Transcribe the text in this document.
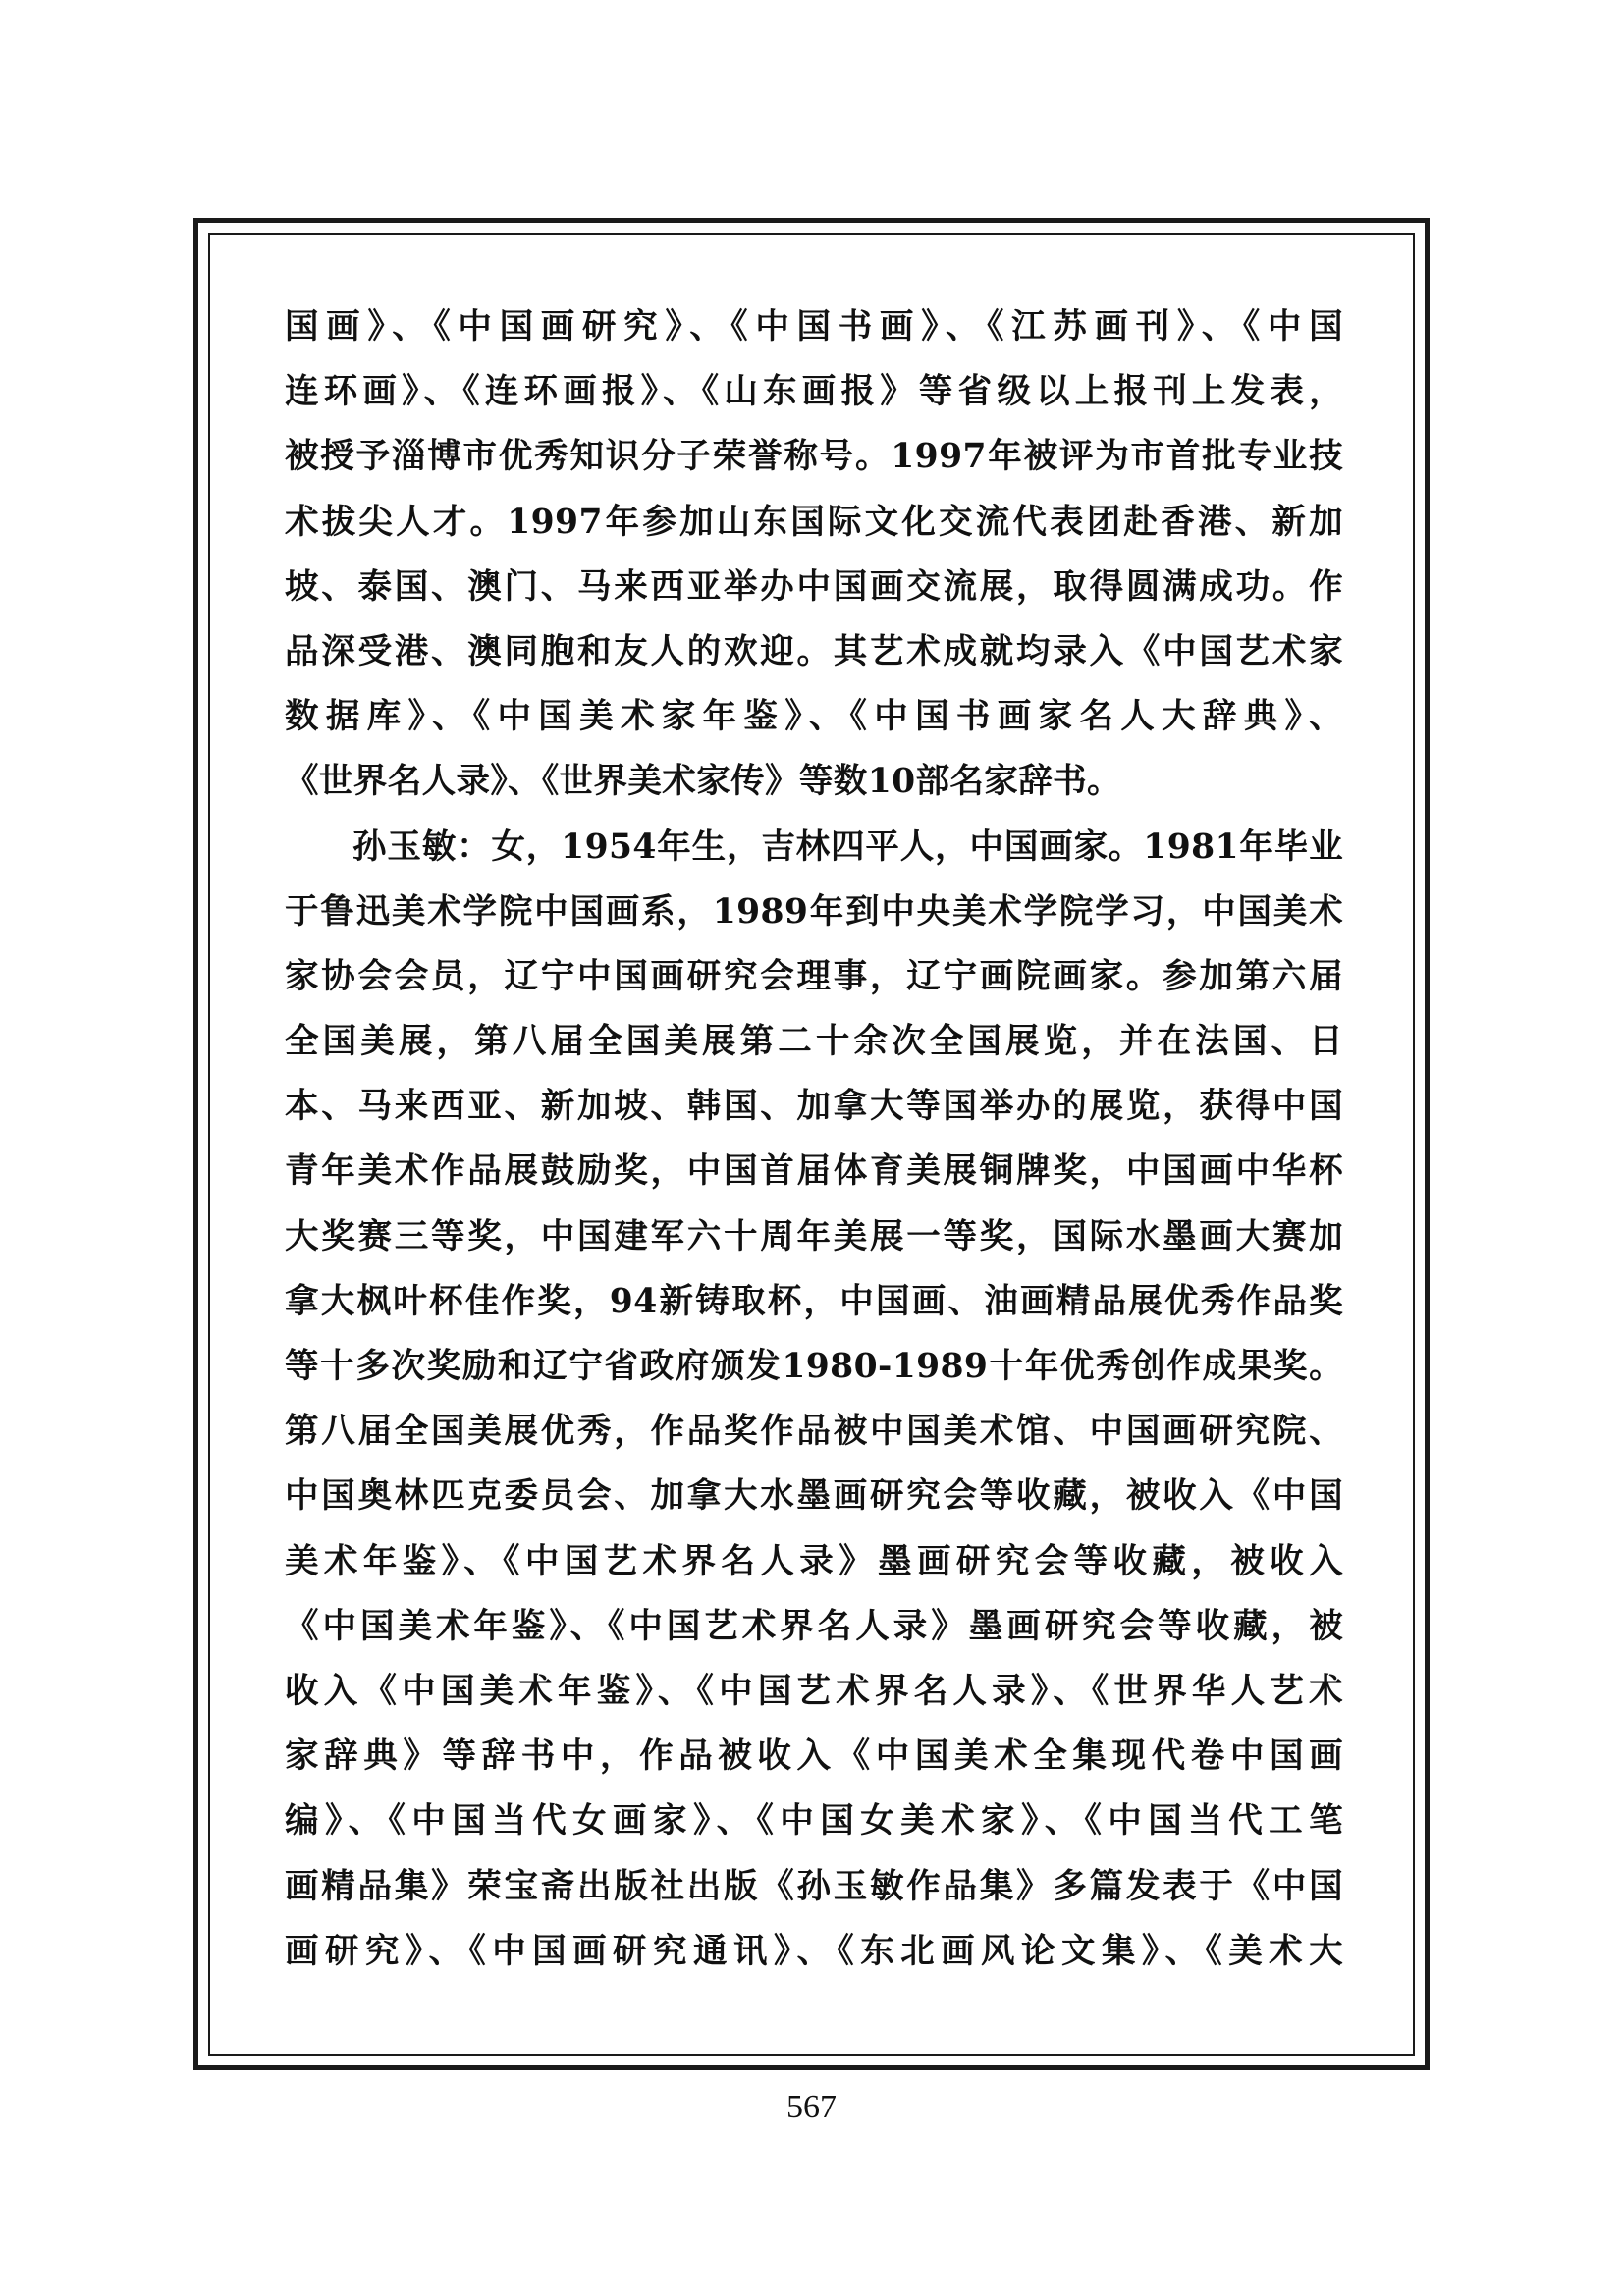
国画》、《中国画研究》、《中国书画》、《江苏画刊》、《中国
连环画》、《连环画报》、《山东画报》等省级以上报刊上发表，
被授予淄博市优秀知识分子荣誉称号。1997年被评为市首批专业技
术拔尖人才。1997年参加山东国际文化交流代表团赴香港、新加
坡、泰国、澳门、马来西亚举办中国画交流展，取得圆满成功。作
品深受港、澳同胞和友人的欢迎。其艺术成就均录入《中国艺术家
数据库》、《中国美术家年鉴》、《中国书画家名人大辞典》、
《世界名人录》、《世界美术家传》等数10部名家辞书。
孙玉敏：女，1954年生，吉林四平人，中国画家。1981年毕业
于鲁迅美术学院中国画系，1989年到中央美术学院学习，中国美术
家协会会员，辽宁中国画研究会理事，辽宁画院画家。参加第六届
全国美展，第八届全国美展第二十余次全国展览，并在法国、日
本、马来西亚、新加坡、韩国、加拿大等国举办的展览，获得中国
青年美术作品展鼓励奖，中国首届体育美展铜牌奖，中国画中华杯
大奖赛三等奖，中国建军六十周年美展一等奖，国际水墨画大赛加
拿大枫叶杯佳作奖，94新铸取杯，中国画、油画精品展优秀作品奖
等十多次奖励和辽宁省政府颁发1980-1989十年优秀创作成果奖。
第八届全国美展优秀，作品奖作品被中国美术馆、中国画研究院、
中国奥林匹克委员会、加拿大水墨画研究会等收藏，被收入《中国
美术年鉴》、《中国艺术界名人录》墨画研究会等收藏，被收入
《中国美术年鉴》、《中国艺术界名人录》墨画研究会等收藏，被
收入《中国美术年鉴》、《中国艺术界名人录》、《世界华人艺术
家辞典》等辞书中，作品被收入《中国美术全集现代卷中国画
编》、《中国当代女画家》、《中国女美术家》、《中国当代工笔
画精品集》荣宝斋出版社出版《孙玉敏作品集》多篇发表于《中国
画研究》、《中国画研究通讯》、《东北画风论文集》、《美术大
567
